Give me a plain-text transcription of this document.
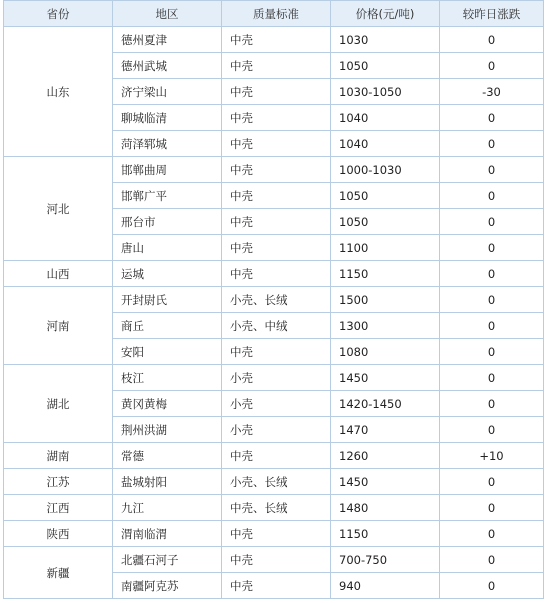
省份	地区	质量标准	价格(元/吨)	较昨日涨跌
山东	德州夏津	中壳	1030	0
	德州武城	中壳	1050	0
	济宁梁山	中壳	1030-1050	-30
	聊城临清	中壳	1040	0
	菏泽郓城	中壳	1040	0
河北	邯郸曲周	中壳	1000-1030	0
	邯郸广平	中壳	1050	0
	邢台市	中壳	1050	0
	唐山	中壳	1100	0
山西	运城	中壳	1150	0
河南	开封尉氏	小壳、长绒	1500	0
	商丘	小壳、中绒	1300	0
	安阳	中壳	1080	0
湖北	枝江	小壳	1450	0
	黄冈黄梅	小壳	1420-1450	0
	荆州洪湖	小壳	1470	0
湖南	常德	中壳	1260	+10
江苏	盐城射阳	小壳、长绒	1450	0
江西	九江	中壳、长绒	1480	0
陕西	渭南临渭	中壳	1150	0
新疆	北疆石河子	中壳	700-750	0
	南疆阿克苏	中壳	940	0
